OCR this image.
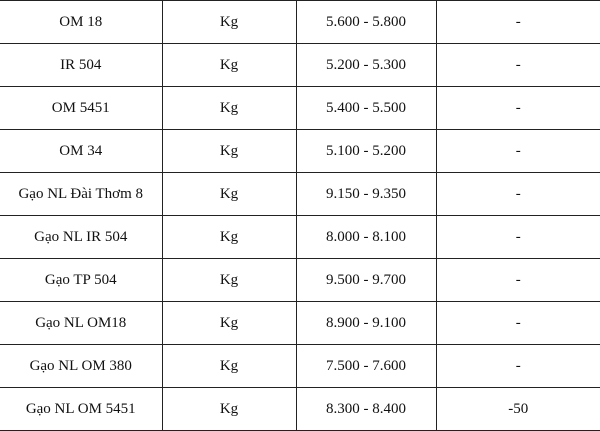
OM 18	Kg	5.600 - 5.800	-
IR 504	Kg	5.200 - 5.300	-
OM 5451	Kg	5.400 - 5.500	-
OM 34	Kg	5.100 - 5.200	-
Gạo NL Đài Thơm 8	Kg	9.150 - 9.350	-
Gạo NL IR 504	Kg	8.000 - 8.100	-
Gạo TP 504	Kg	9.500 - 9.700	-
Gạo NL OM18	Kg	8.900 - 9.100	-
Gạo NL OM 380	Kg	7.500 - 7.600	-
Gạo NL OM 5451	Kg	8.300 - 8.400	-50
